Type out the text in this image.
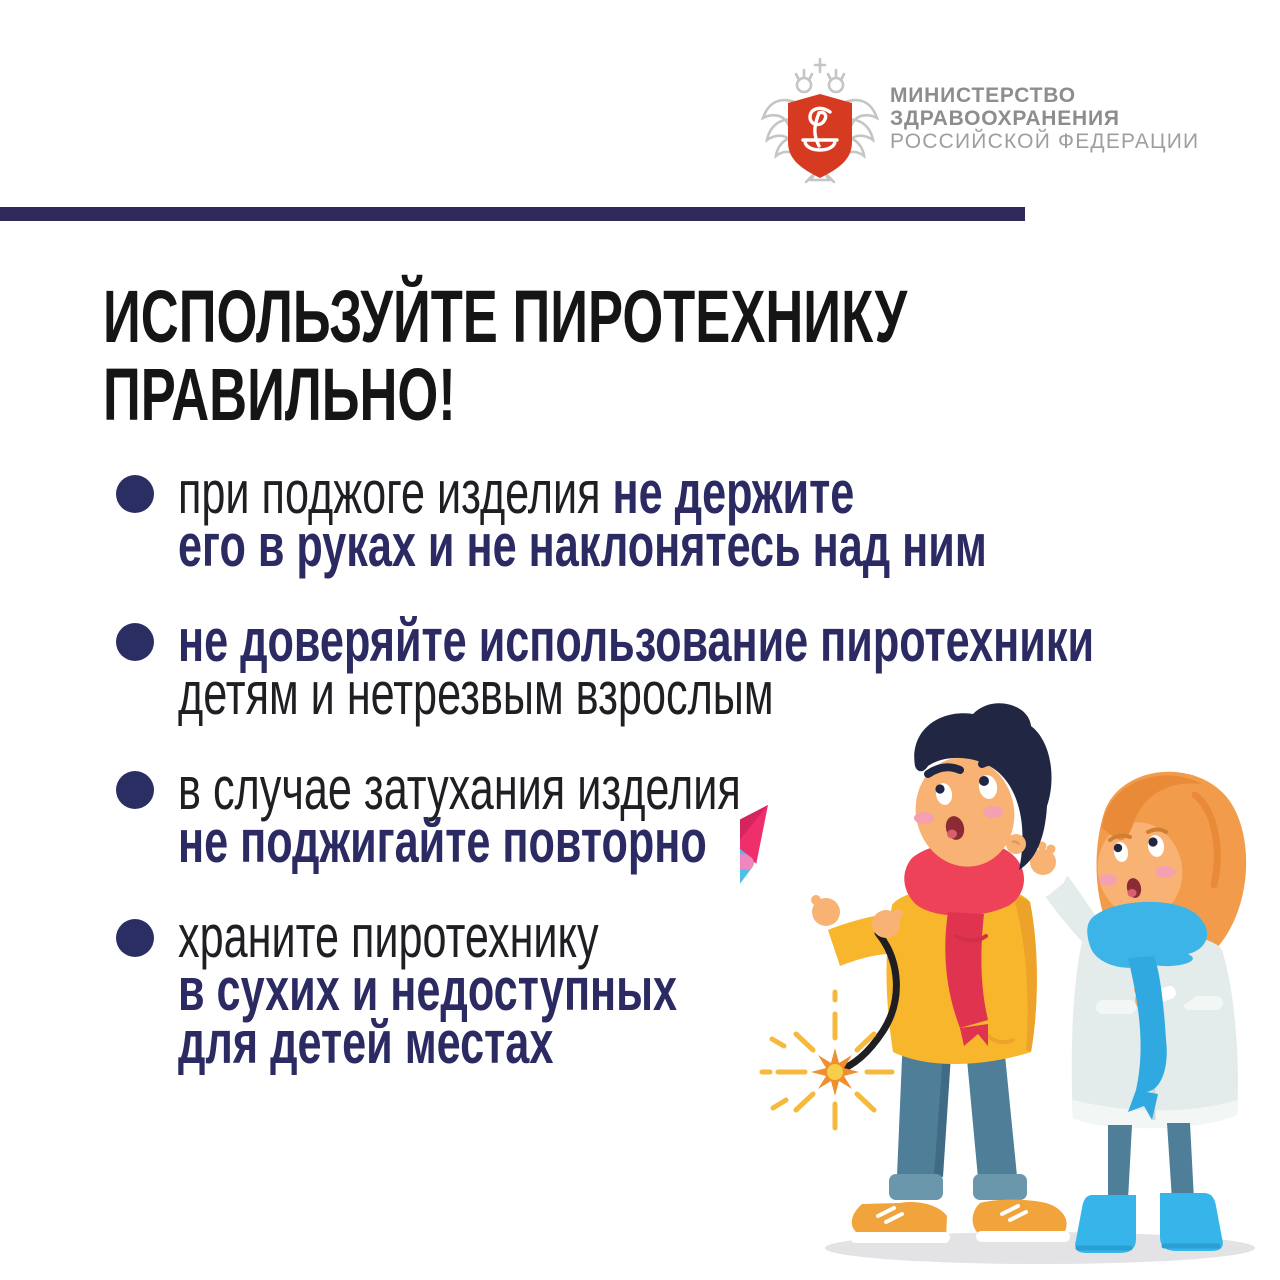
МИНИСТЕРСТВО
ЗДРАВООХРАНЕНИЯ
РОССИЙСКОЙ ФЕДЕРАЦИИ
ИСПОЛЬЗУЙТЕ ПИРОТЕХНИКУ
ПРАВИЛЬНО!
при поджоге изделия не держите
его в руках и не наклонятесь над ним
не доверяйте использование пиротехники
детям и нетрезвым взрослым
в случае затухания изделия
не поджигайте повторно
храните пиротехнику
в сухих и недоступных
для детей местах
